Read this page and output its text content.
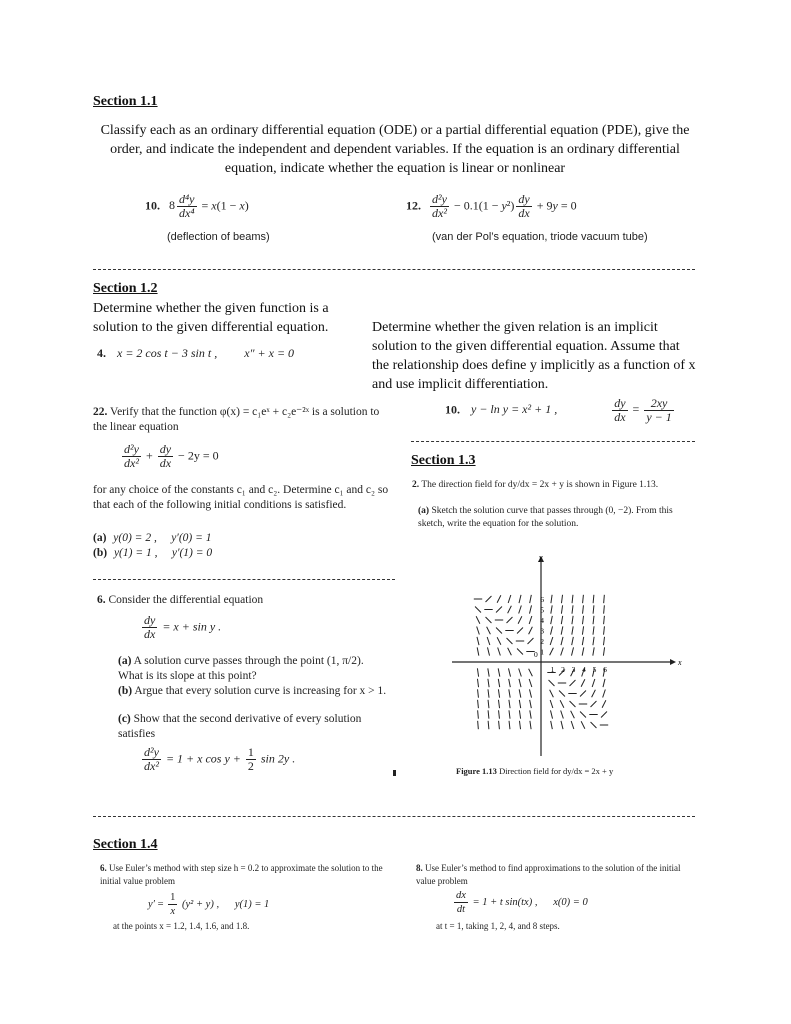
Section 1.1
Classify each as an ordinary differential equation (ODE) or a partial differential equation (PDE), give the order, and indicate the independent and dependent variables. If the equation is an ordinary differential equation, indicate whether the equation is linear or nonlinear
10. $8 \frac{\text{d⁴y}}{\text{dx⁴}} = x(1 - x)$
(deflection of beams)
12. $\frac{\text{d²y}}{\text{dx²}} - 0.1(1 - y^2) \frac{dy}{dx} + 9y = 0$
(van der Pol’s equation, triode vacuum tube)
Section 1.2
Determine whether the given function is a solution to the given differential equation.
4. x = 2 cos t − 3 sin t , x″ + x = 0
Determine whether the given relation is an implicit solution to the given differential equation. Assume that the relationship does define y implicitly as a function of x and use implicit differentiation.
10. y − ln y = x² + 1 ,	$\frac{dy}{dx} = \frac{2xy}{y - 1}$
22. Verify that the function φ(x) = c₁eˣ + c₂e⁻²ˣ is a solution to the linear equation
$\frac{\text{d²y}}{\text{dx²}} + \frac{dy}{dx} - 2y = 0$
for any choice of the constants c₁ and c₂. Determine c₁ and c₂ so that each of the following initial conditions is satisfied.
(a) y(0) = 2 ,     y′(0) = 1
(b) y(1) = 1 ,     y′(1) = 0
6. Consider the differential equation
$\frac{dy}{dx} = x + \sin y$ .
(a) A solution curve passes through the point (1, π/2). What is its slope at this point?
(b) Argue that every solution curve is increasing for x > 1.
(c) Show that the second derivative of every solution satisfies
$\frac{\text{d²y}}{\text{dx²}} = 1 + x$ $\cos y + \frac{1}{2}$ sin 2y .
Section 1.3
2. The direction field for dy/dx = 2x + y is shown in Figure 1.13.
(a) Sketch the solution curve that passes through (0, −2). From this sketch, write the equation for the solution.
x
y
0
6
5
4
3
2
1
1 2 3 4 5 6
Figure 1.13 Direction field for dy/dx = 2x + y
Section 1.4
6. Use Euler’s method with step size h = 0.2 to approximate the solution to the initial value problem
$y' = \frac{1}{x} (y^2 + y)$ ,      y(1) = 1
at the points x = 1.2, 1.4, 1.6, and 1.8.
8. Use Euler’s method to find approximations to the solution of the initial value problem
$\frac{dx}{dt} = 1 + t$ sin(tx) ,      x(0) = 0
at t = 1, taking 1, 2, 4, and 8 steps.
